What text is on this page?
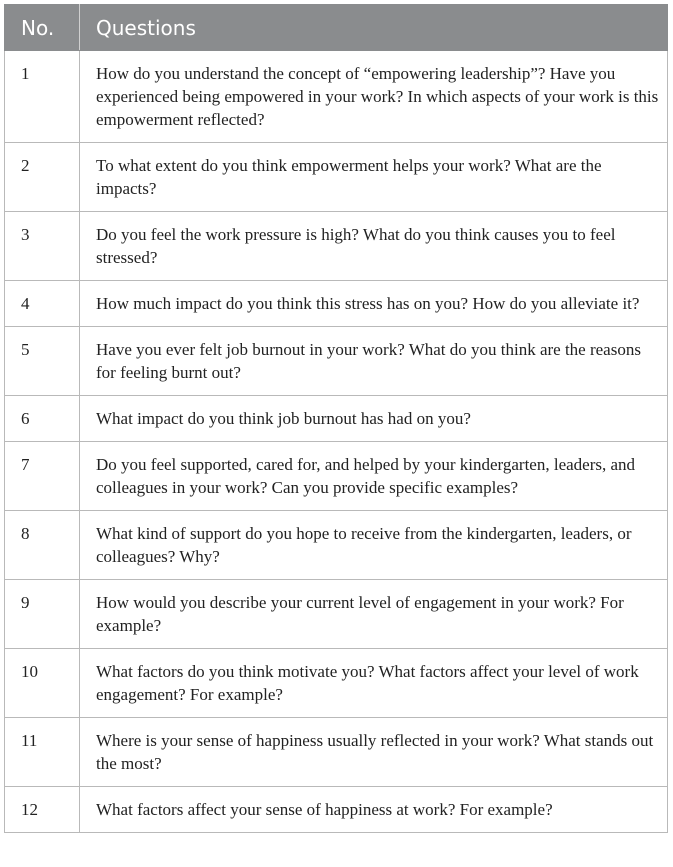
No.	Questions
1	How do you understand the concept of “empowering leadership”? Have you experienced being empowered in your work? In which aspects of your work is this empowerment reflected?
2	To what extent do you think empowerment helps your work? What are the impacts?
3	Do you feel the work pressure is high? What do you think causes you to feel stressed?
4	How much impact do you think this stress has on you? How do you alleviate it?
5	Have you ever felt job burnout in your work? What do you think are the reasons for feeling burnt out?
6	What impact do you think job burnout has had on you?
7	Do you feel supported, cared for, and helped by your kindergarten, leaders, and colleagues in your work? Can you provide specific examples?
8	What kind of support do you hope to receive from the kindergarten, leaders, or colleagues? Why?
9	How would you describe your current level of engagement in your work? For example?
10	What factors do you think motivate you? What factors affect your level of work engagement? For example?
11	Where is your sense of happiness usually reflected in your work? What stands out the most?
12	What factors affect your sense of happiness at work? For example?
